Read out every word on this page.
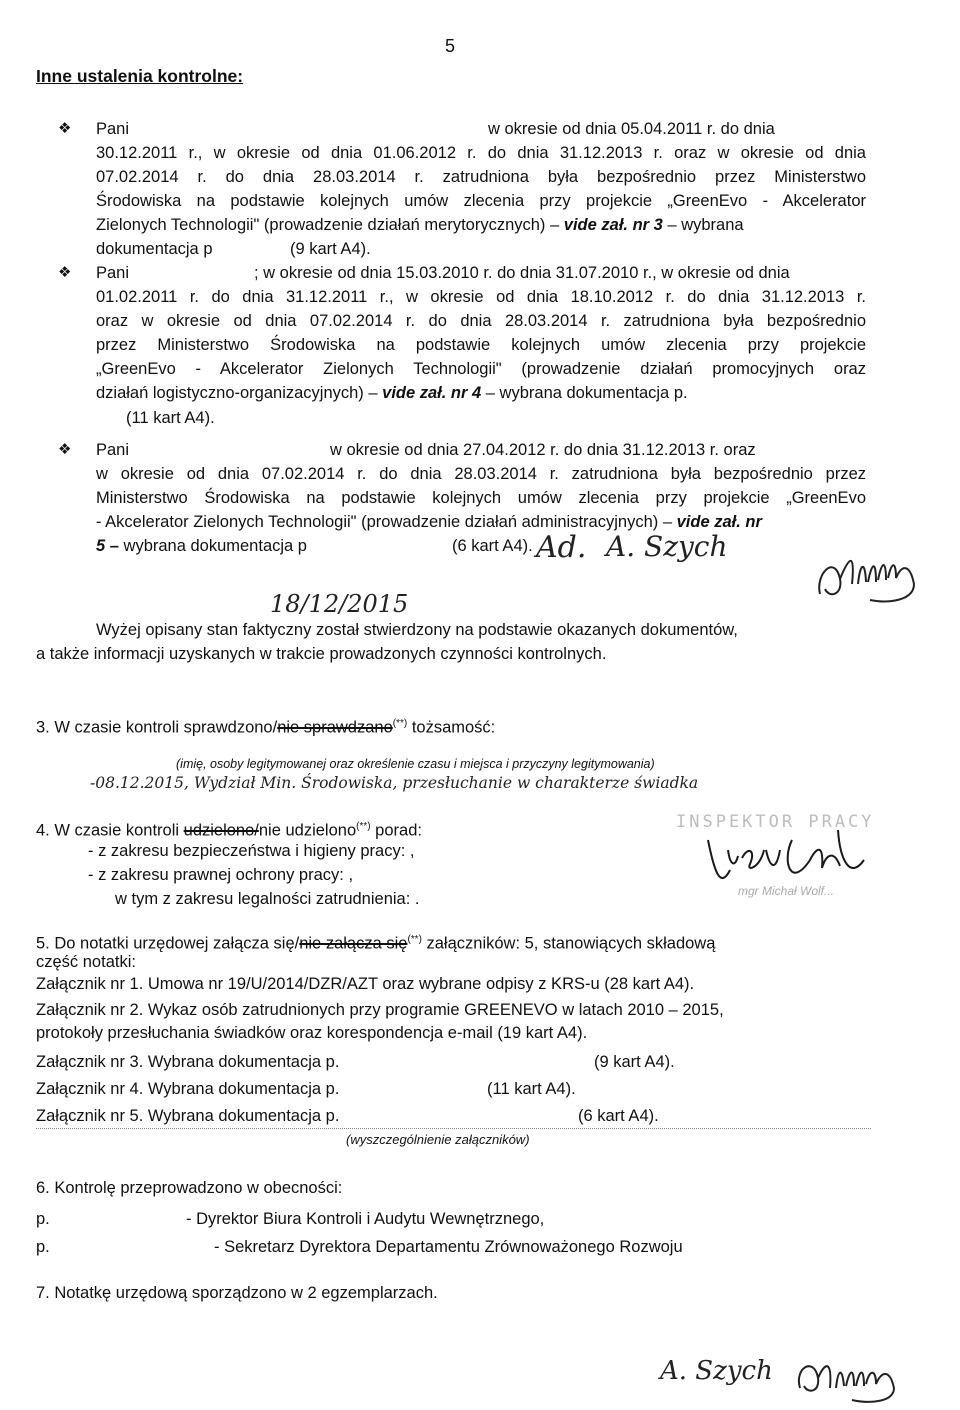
5
Inne ustalenia kontrolne:
❖ Pani	w okresie od dnia 05.04.2011 r. do dnia
30.12.2011 r., w okresie od dnia 01.06.2012 r. do dnia 31.12.2013 r. oraz w okresie od dnia
07.02.2014 r. do dnia 28.03.2014 r. zatrudniona była bezpośrednio przez Ministerstwo
Środowiska na podstawie kolejnych umów zlecenia przy projekcie „GreenEvo - Akcelerator
Zielonych Technologii" (prowadzenie działań merytorycznych) – vide zał. nr 3 – wybrana
dokumentacja p	(9 kart A4).
❖ Pani	; w okresie od dnia 15.03.2010 r. do dnia 31.07.2010 r., w okresie od dnia
01.02.2011 r. do dnia 31.12.2011 r., w okresie od dnia 18.10.2012 r. do dnia 31.12.2013 r.
oraz w okresie od dnia 07.02.2014 r. do dnia 28.03.2014 r. zatrudniona była bezpośrednio
przez Ministerstwo Środowiska na podstawie kolejnych umów zlecenia przy projekcie
„GreenEvo - Akcelerator Zielonych Technologii" (prowadzenie działań promocyjnych oraz
działań logistyczno-organizacyjnych) – vide zał. nr 4 – wybrana dokumentacja p.
(11 kart A4).
❖ Pani	w okresie od dnia 27.04.2012 r. do dnia 31.12.2013 r. oraz
w okresie od dnia 07.02.2014 r. do dnia 28.03.2014 r. zatrudniona była bezpośrednio przez
Ministerstwo Środowiska na podstawie kolejnych umów zlecenia przy projekcie „GreenEvo
- Akcelerator Zielonych Technologii" (prowadzenie działań administracyjnych) – vide zał. nr
5 – wybrana dokumentacja p	(6 kart A4). Ad. A. Szych
18/12/2015
Wyżej opisany stan faktyczny został stwierdzony na podstawie okazanych dokumentów,
a także informacji uzyskanych w trakcie prowadzonych czynności kontrolnych.
3. W czasie kontroli sprawdzono/nie sprawdzano(**) tożsamość:
(imię, osoby legitymowanej oraz określenie czasu i miejsca i przyczyny legitymowania)
-08.12.2015, Wydział Min. Środowiska, przesłuchanie w charakterze świadka
4. W czasie kontroli udzielono/nie udzielono(**) porad:
- z zakresu bezpieczeństwa i higieny pracy: ,
- z zakresu prawnej ochrony pracy: ,
w tym z zakresu legalności zatrudnienia: .
INSPEKTOR PRACY
mgr Michał Wolf...
5. Do notatki urzędowej załącza się/nie załącza się(**) załączników: 5, stanowiących składową
część notatki:
Załącznik nr 1. Umowa nr 19/U/2014/DZR/AZT oraz wybrane odpisy z KRS-u (28 kart A4).
Załącznik nr 2. Wykaz osób zatrudnionych przy programie GREENEVO w latach 2010 – 2015,
protokoły przesłuchania świadków oraz korespondencja e-mail (19 kart A4).
Załącznik nr 3. Wybrana dokumentacja p.	(9 kart A4).
Załącznik nr 4. Wybrana dokumentacja p.	(11 kart A4).
Załącznik nr 5. Wybrana dokumentacja p.	(6 kart A4).
(wyszczególnienie załączników)
6. Kontrolę przeprowadzono w obecności:
p.	- Dyrektor Biura Kontroli i Audytu Wewnętrznego,
p.	- Sekretarz Dyrektora Departamentu Zrównoważonego Rozwoju
7. Notatkę urzędową sporządzono w 2 egzemplarzach.
A. Szych
